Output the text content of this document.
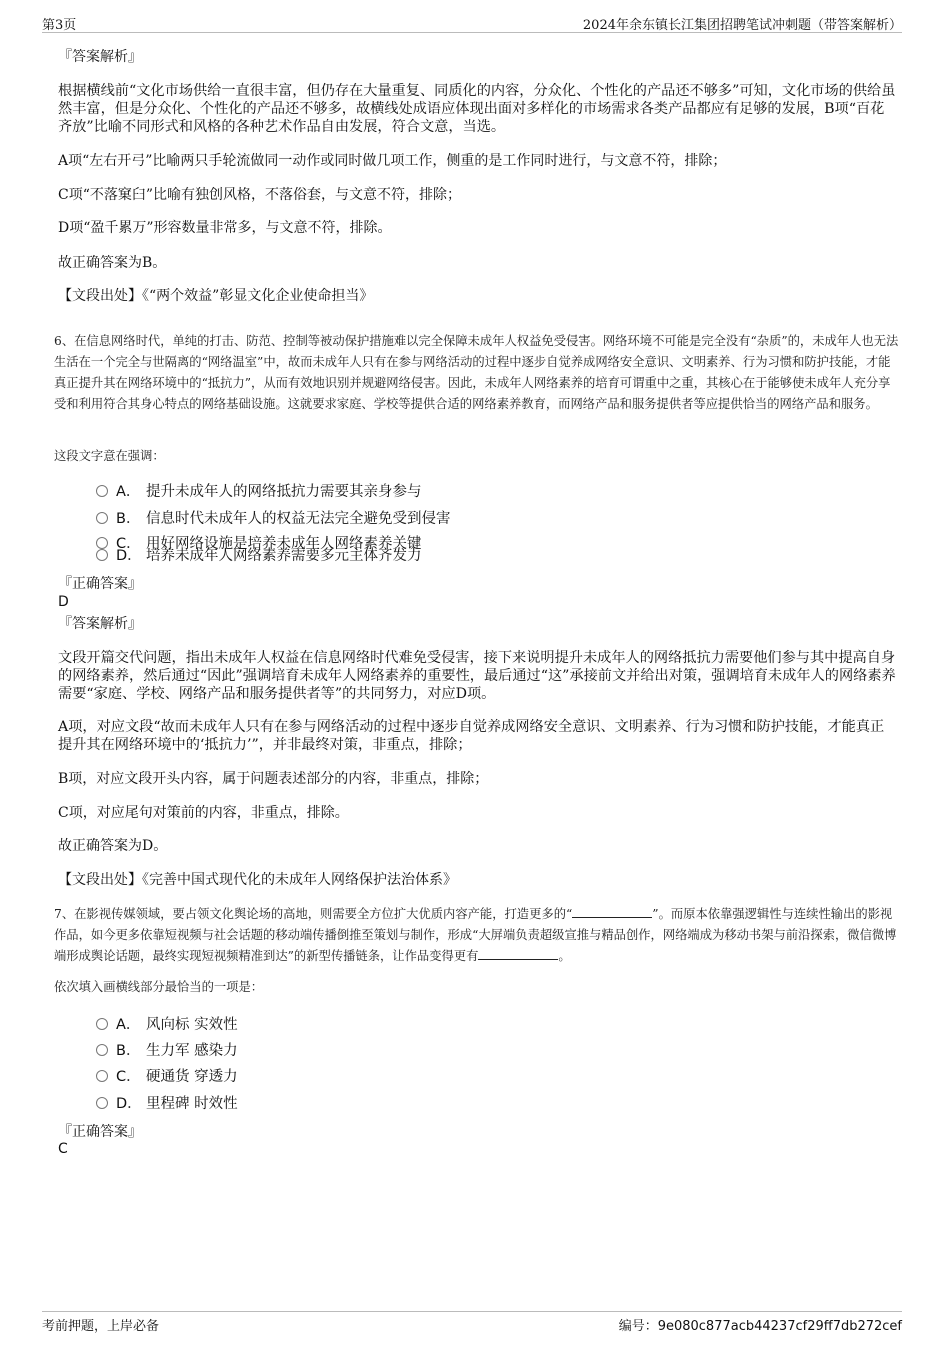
第3页	2024年余东镇长江集团招聘笔试冲刺题（带答案解析）
『答案解析』
根据横线前“文化市场供给一直很丰富，但仍存在大量重复、同质化的内容，分众化、个性化的产品还不够多”可知，文化市场的供给虽然丰富，但是分众化、个性化的产品还不够多，故横线处成语应体现出面对多样化的市场需求各类产品都应有足够的发展，B项“百花齐放”比喻不同形式和风格的各种艺术作品自由发展，符合文意，当选。
A项“左右开弓”比喻两只手轮流做同一动作或同时做几项工作，侧重的是工作同时进行，与文意不符，排除；
C项“不落窠臼”比喻有独创风格，不落俗套，与文意不符，排除；
D项“盈千累万”形容数量非常多，与文意不符，排除。
故正确答案为B。
【文段出处】《“两个效益”彰显文化企业使命担当》
6、在信息网络时代，单纯的打击、防范、控制等被动保护措施难以完全保障未成年人权益免受侵害。网络环境不可能是完全没有“杂质”的，未成年人也无法生活在一个完全与世隔离的“网络温室”中，故而未成年人只有在参与网络活动的过程中逐步自觉养成网络安全意识、文明素养、行为习惯和防护技能，才能真正提升其在网络环境中的“抵抗力”，从而有效地识别并规避网络侵害。因此，未成年人网络素养的培育可谓重中之重，其核心在于能够使未成年人充分享受和利用符合其身心特点的网络基础设施。这就要求家庭、学校等提供合适的网络素养教育，而网络产品和服务提供者等应提供恰当的网络产品和服务。
这段文字意在强调：
A． 提升未成年人的网络抵抗力需要其亲身参与
B． 信息时代未成年人的权益无法完全避免受到侵害
C． 用好网络设施是培养未成年人网络素养关键
D． 培养未成年人网络素养需要多元主体齐发力
『正确答案』
D
『答案解析』
文段开篇交代问题，指出未成年人权益在信息网络时代难免受侵害，接下来说明提升未成年人的网络抵抗力需要他们参与其中提高自身的网络素养，然后通过“因此”强调培育未成年人网络素养的重要性，最后通过“这”承接前文并给出对策，强调培育未成年人的网络素养需要“家庭、学校、网络产品和服务提供者等”的共同努力，对应D项。
A项，对应文段“故而未成年人只有在参与网络活动的过程中逐步自觉养成网络安全意识、文明素养、行为习惯和防护技能，才能真正提升其在网络环境中的‘抵抗力’”，并非最终对策，非重点，排除；
B项，对应文段开头内容，属于问题表述部分的内容，非重点，排除；
C项，对应尾句对策前的内容，非重点，排除。
故正确答案为D。
【文段出处】《完善中国式现代化的未成年人网络保护法治体系》
7、在影视传媒领域，要占领文化舆论场的高地，则需要全方位扩大优质内容产能，打造更多的“	”。而原本依靠强逻辑性与连续性输出的影视作品，如今更多依靠短视频与社会话题的移动端传播倒推至策划与制作，形成“大屏端负责超级宣推与精品创作，网络端成为移动书架与前沿探索，微信微博端形成舆论话题，最终实现短视频精准到达”的新型传播链条，让作品变得更有	。
依次填入画横线部分最恰当的一项是：
A． 风向标 实效性
B． 生力军 感染力
C． 硬通货 穿透力
D． 里程碑 时效性
『正确答案』
C
考前押题，上岸必备	编号：9e080c877acb44237cf29ff7db272cef
